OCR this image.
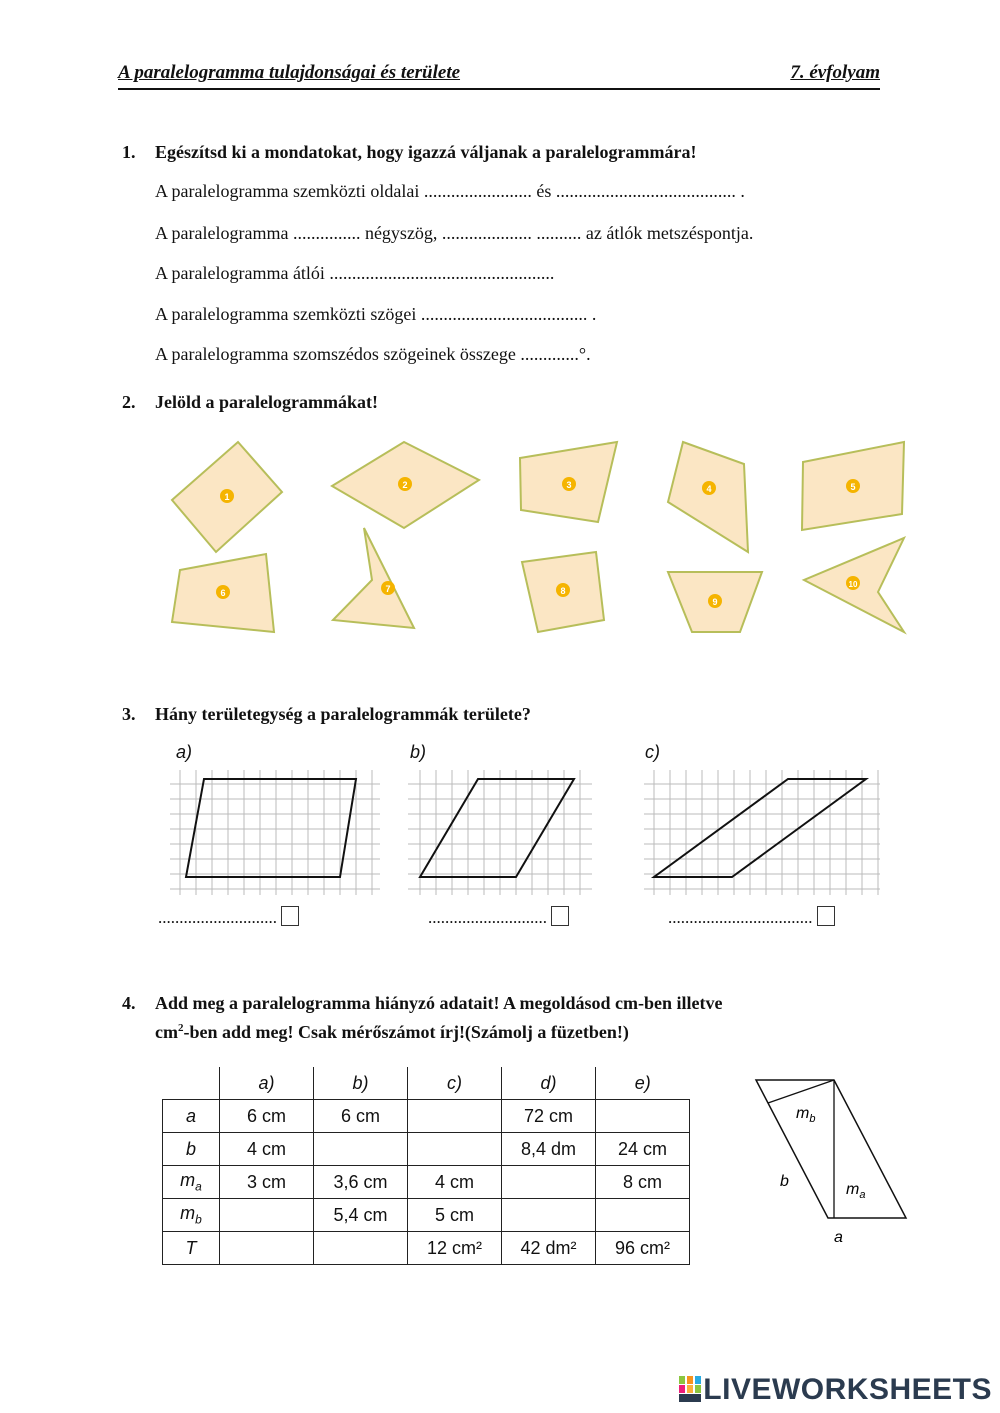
A paralelogramma tulajdonságai és területe	7. évfolyam
1. Egészítsd ki a mondatokat, hogy igazzá váljanak a paralelogrammára!
A paralelogramma szemközti oldalai ........................ és ........................................ .
A paralelogramma ............... négyszög, .................... .......... az átlók metszéspontja.
A paralelogramma átlói ..................................................
A paralelogramma szemközti szögei ..................................... .
A paralelogramma szomszédos szögeinek összege .............°.
2. Jelöld a paralelogrammákat!
1
2	3	4	5
6	7	8
9
10
3. Hány területegység a paralelogrammák területe?
a)	b)	c)
............................	............................	..................................
4. Add meg a paralelogramma hiányzó adatait! A megoldásod cm-ben illetve
$cm^2$-ben add meg! Csak mérőszámot írj!(Számolj a füzetben!)
	a)	b)	c)	d)	e)
a	6 cm	6 cm		72 cm	
b	4 cm			8,4 dm	24 cm
$m_a$	3 cm	3,6 cm	4 cm		8 cm
$m_b$		5,4 cm	5 cm		
T			12 cm²	42 dm²	96 cm²
$m_b$
b	$m_a$
a
LIVEWORKSHEETS
